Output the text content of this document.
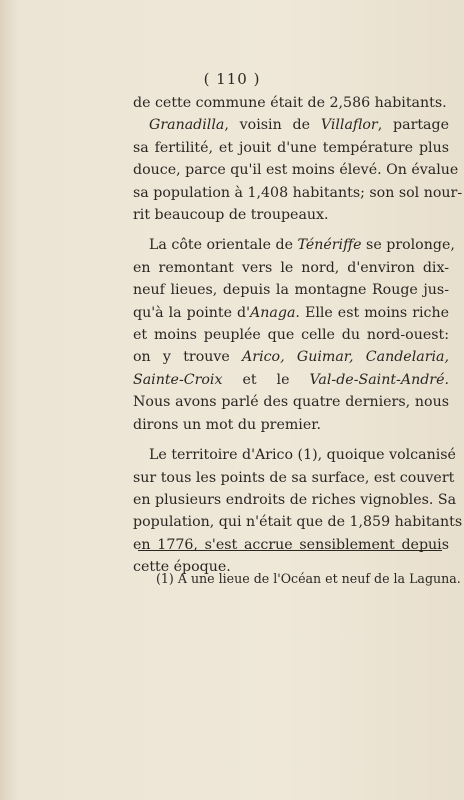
( 110 )
de cette commune était de 2,586 habitants.
Granadilla, voisin de Villaflor, partage
sa fertilité, et jouit d'une température plus
douce, parce qu'il est moins élevé. On évalue
sa population à 1,408 habitants; son sol nour-
rit beaucoup de troupeaux.
La côte orientale de Ténériffe se prolonge,
en remontant vers le nord, d'environ dix-
neuf lieues, depuis la montagne Rouge jus-
qu'à la pointe d'Anaga. Elle est moins riche
et moins peuplée que celle du nord-ouest:
on y trouve Arico, Guimar, Candelaria,
Sainte-Croix et le Val-de-Saint-André.
Nous avons parlé des quatre derniers, nous
dirons un mot du premier.
Le territoire d'Arico (1), quoique volcanisé
sur tous les points de sa surface, est couvert
en plusieurs endroits de riches vignobles. Sa
population, qui n'était que de 1,859 habitants
en 1776, s'est accrue sensiblement depuis
cette époque.
(1) A une lieue de l'Océan et neuf de la Laguna.
